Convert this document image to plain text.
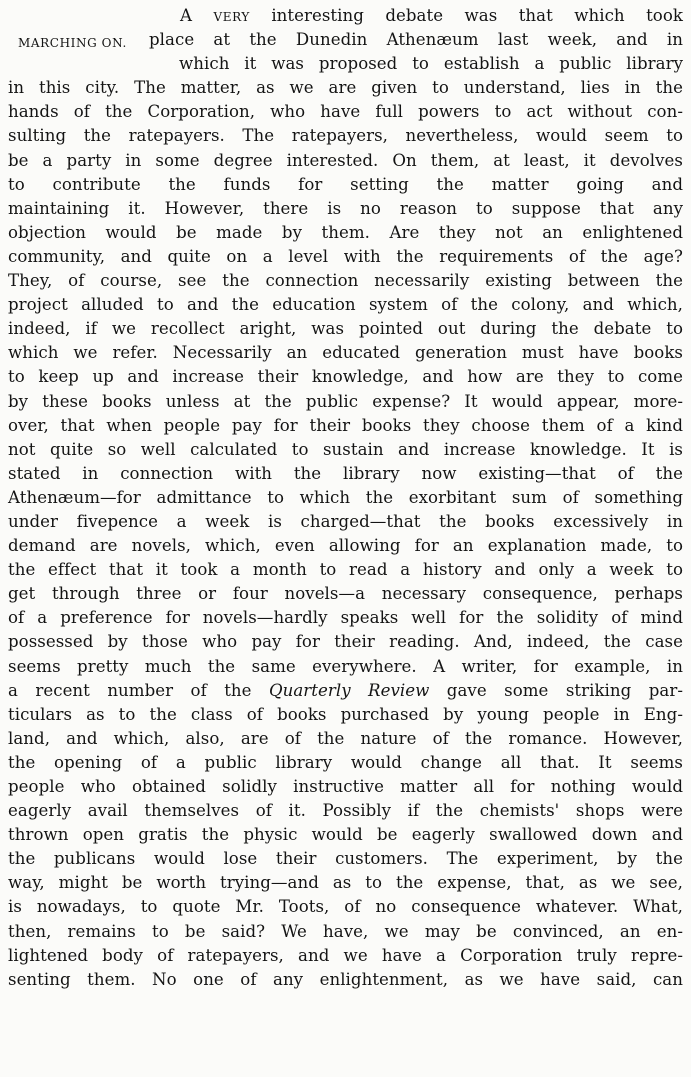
MARCHING ON.
A very interesting debate was that which took
place at the Dunedin Athenæum last week, and in
which it was proposed to establish a public library
in this city. The matter, as we are given to understand, lies in the
hands of the Corporation, who have full powers to act without con-
sulting the ratepayers. The ratepayers, nevertheless, would seem to
be a party in some degree interested. On them, at least, it devolves
to contribute the funds for setting the matter going and
maintaining it. However, there is no reason to suppose that any
objection would be made by them. Are they not an enlightened
community, and quite on a level with the requirements of the age?
They, of course, see the connection necessarily existing between the
project alluded to and the education system of the colony, and which,
indeed, if we recollect aright, was pointed out during the debate to
which we refer. Necessarily an educated generation must have books
to keep up and increase their knowledge, and how are they to come
by these books unless at the public expense? It would appear, more-
over, that when people pay for their books they choose them of a kind
not quite so well calculated to sustain and increase knowledge. It is
stated in connection with the library now existing—that of the
Athenæum—for admittance to which the exorbitant sum of something
under fivepence a week is charged—that the books excessively in
demand are novels, which, even allowing for an explanation made, to
the effect that it took a month to read a history and only a week to
get through three or four novels—a necessary consequence, perhaps
of a preference for novels—hardly speaks well for the solidity of mind
possessed by those who pay for their reading. And, indeed, the case
seems pretty much the same everywhere. A writer, for example, in
a recent number of the Quarterly Review gave some striking par-
ticulars as to the class of books purchased by young people in Eng-
land, and which, also, are of the nature of the romance. However,
the opening of a public library would change all that. It seems
people who obtained solidly instructive matter all for nothing would
eagerly avail themselves of it. Possibly if the chemists' shops were
thrown open gratis the physic would be eagerly swallowed down and
the publicans would lose their customers. The experiment, by the
way, might be worth trying—and as to the expense, that, as we see,
is nowadays, to quote Mr. Toots, of no consequence whatever. What,
then, remains to be said? We have, we may be convinced, an en-
lightened body of ratepayers, and we have a Corporation truly repre-
senting them. No one of any enlightenment, as we have said, can
